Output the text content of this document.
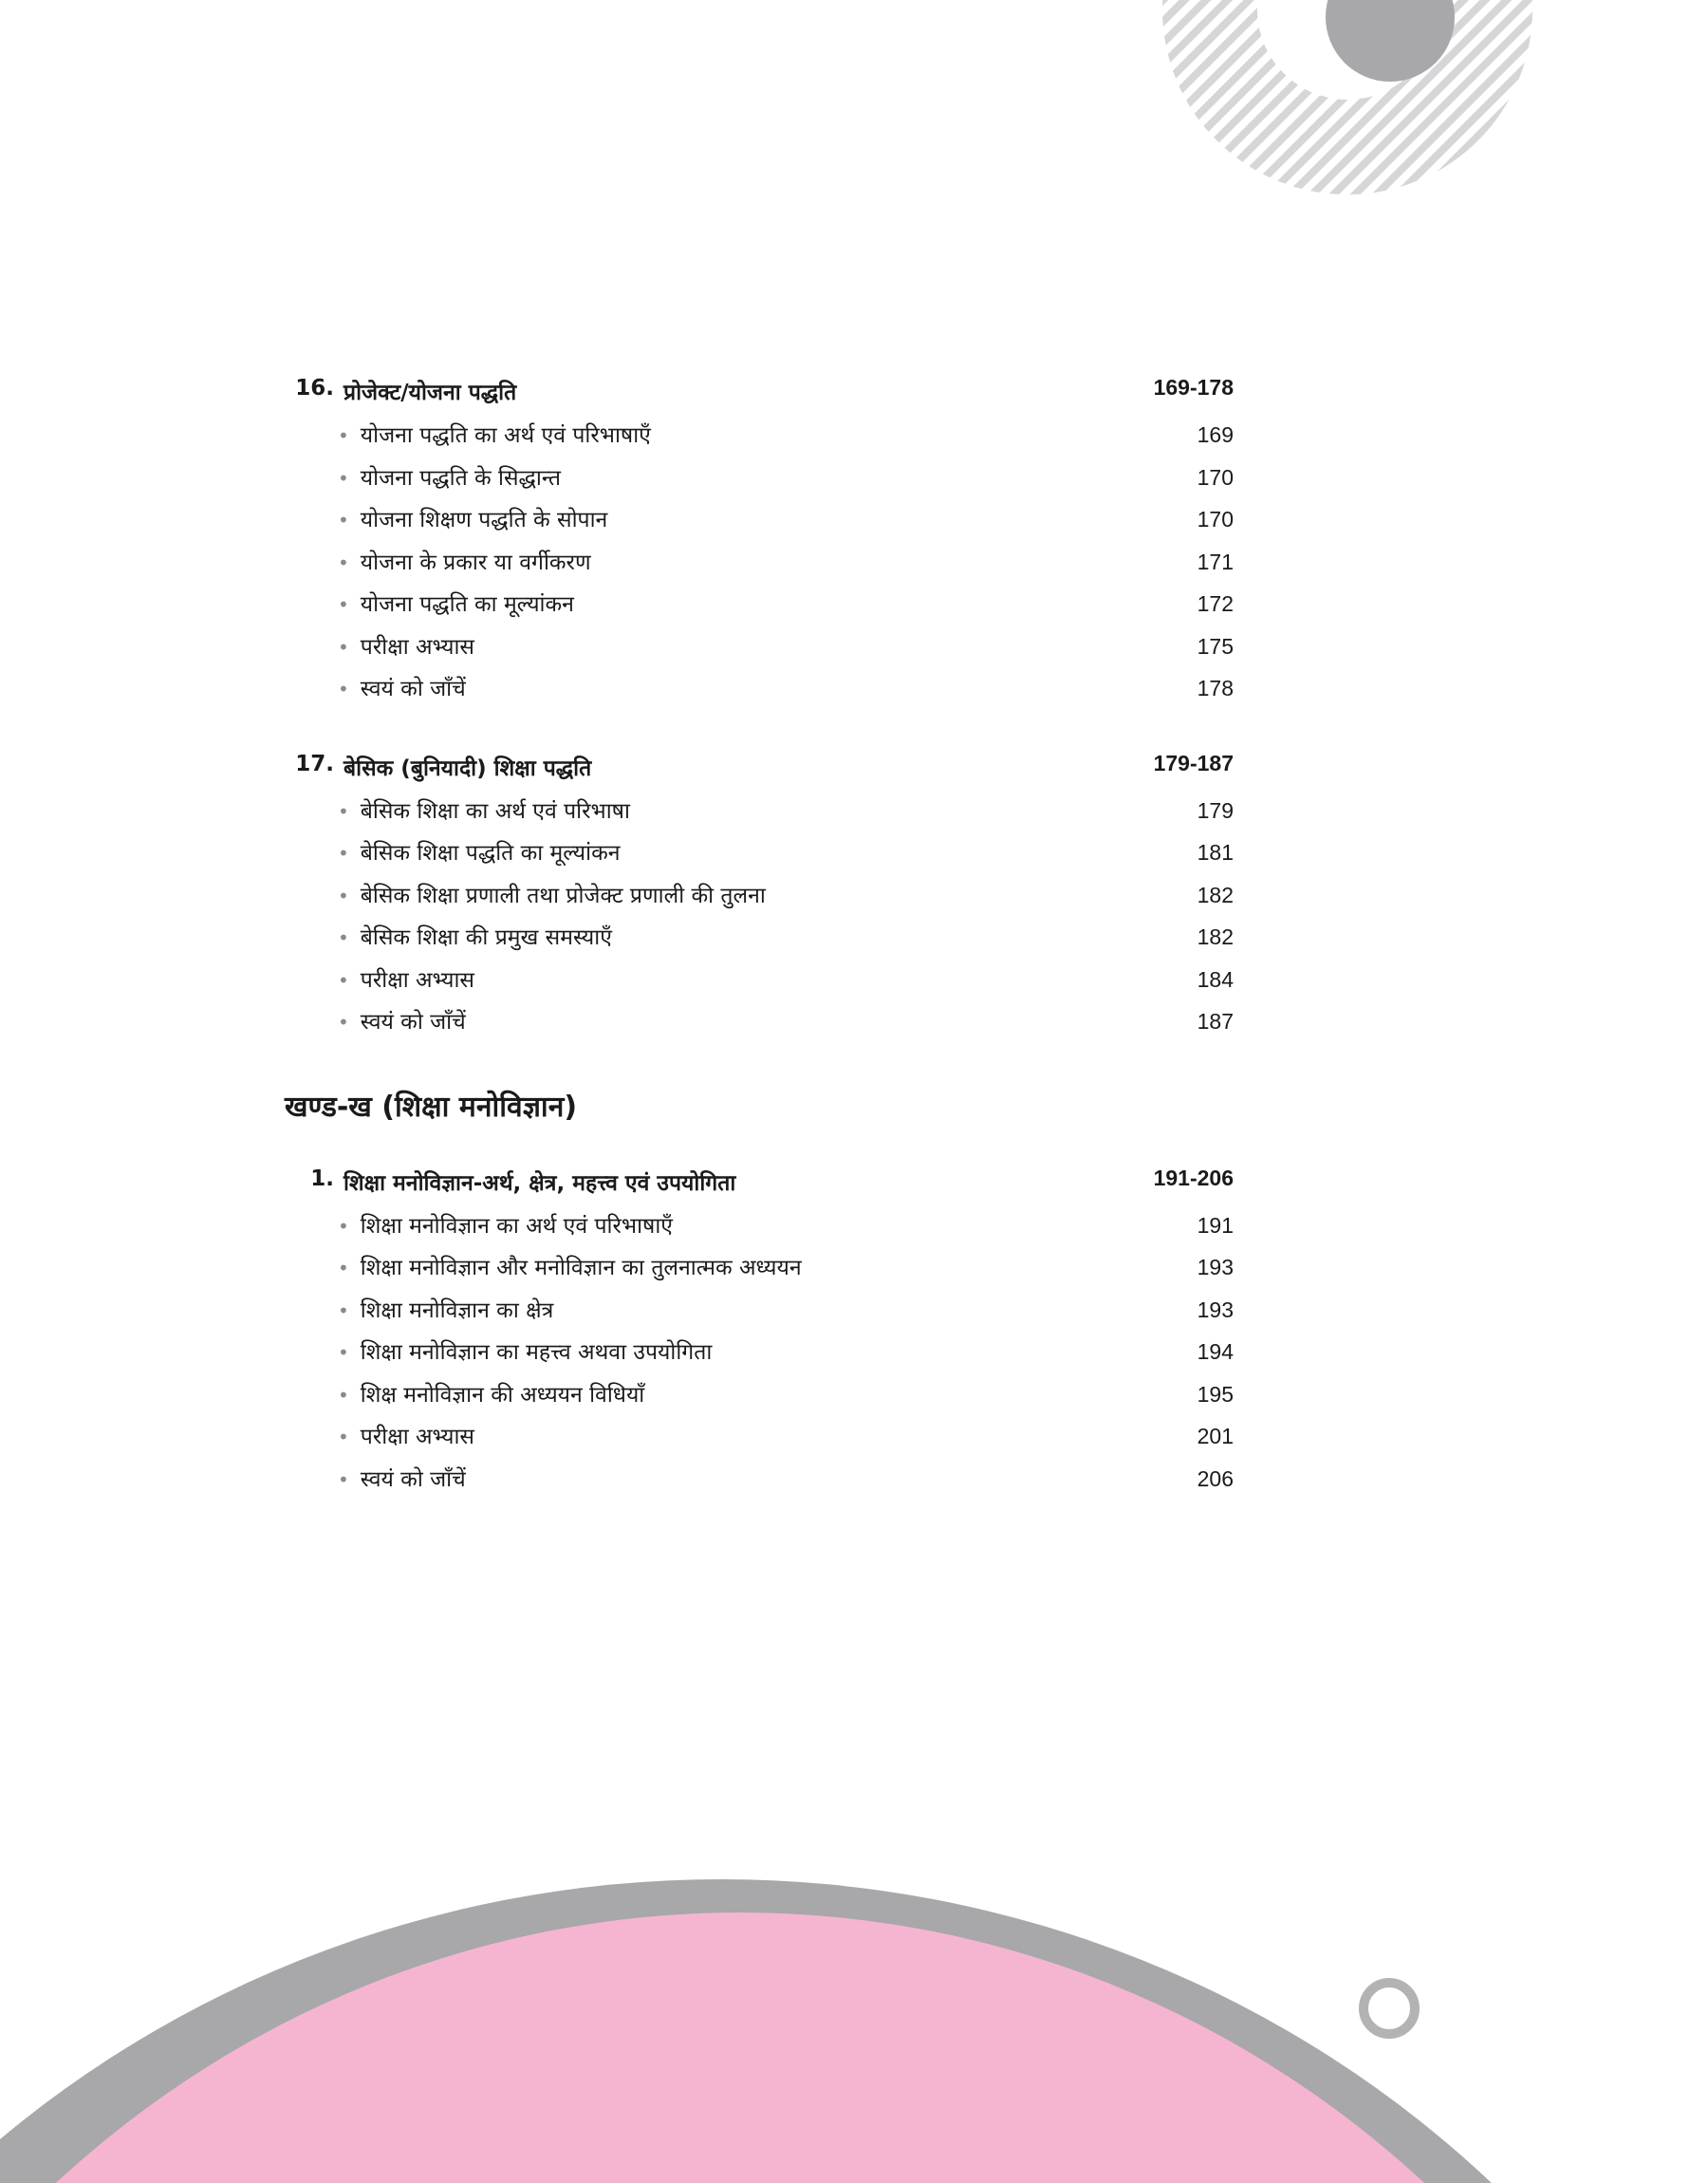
16. प्रोजेक्ट/योजना पद्धति	169-178
• योजना पद्धति का अर्थ एवं परिभाषाएँ	169
• योजना पद्धति के सिद्धान्त	170
• योजना शिक्षण पद्धति के सोपान	170
• योजना के प्रकार या वर्गीकरण	171
• योजना पद्धति का मूल्यांकन	172
• परीक्षा अभ्यास	175
• स्वयं को जाँचें	178
17. बेसिक (बुनियादी) शिक्षा पद्धति	179-187
• बेसिक शिक्षा का अर्थ एवं परिभाषा	179
• बेसिक शिक्षा पद्धति का मूल्यांकन	181
• बेसिक शिक्षा प्रणाली तथा प्रोजेक्ट प्रणाली की तुलना	182
• बेसिक शिक्षा की प्रमुख समस्याएँ	182
• परीक्षा अभ्यास	184
• स्वयं को जाँचें	187
खण्ड-ख (शिक्षा मनोविज्ञान)
1. शिक्षा मनोविज्ञान-अर्थ, क्षेत्र, महत्त्व एवं उपयोगिता	191-206
• शिक्षा मनोविज्ञान का अर्थ एवं परिभाषाएँ	191
• शिक्षा मनोविज्ञान और मनोविज्ञान का तुलनात्मक अध्ययन	193
• शिक्षा मनोविज्ञान का क्षेत्र	193
• शिक्षा मनोविज्ञान का महत्त्व अथवा उपयोगिता	194
• शिक्ष मनोविज्ञान की अध्ययन विधियाँ	195
• परीक्षा अभ्यास	201
• स्वयं को जाँचें	206
